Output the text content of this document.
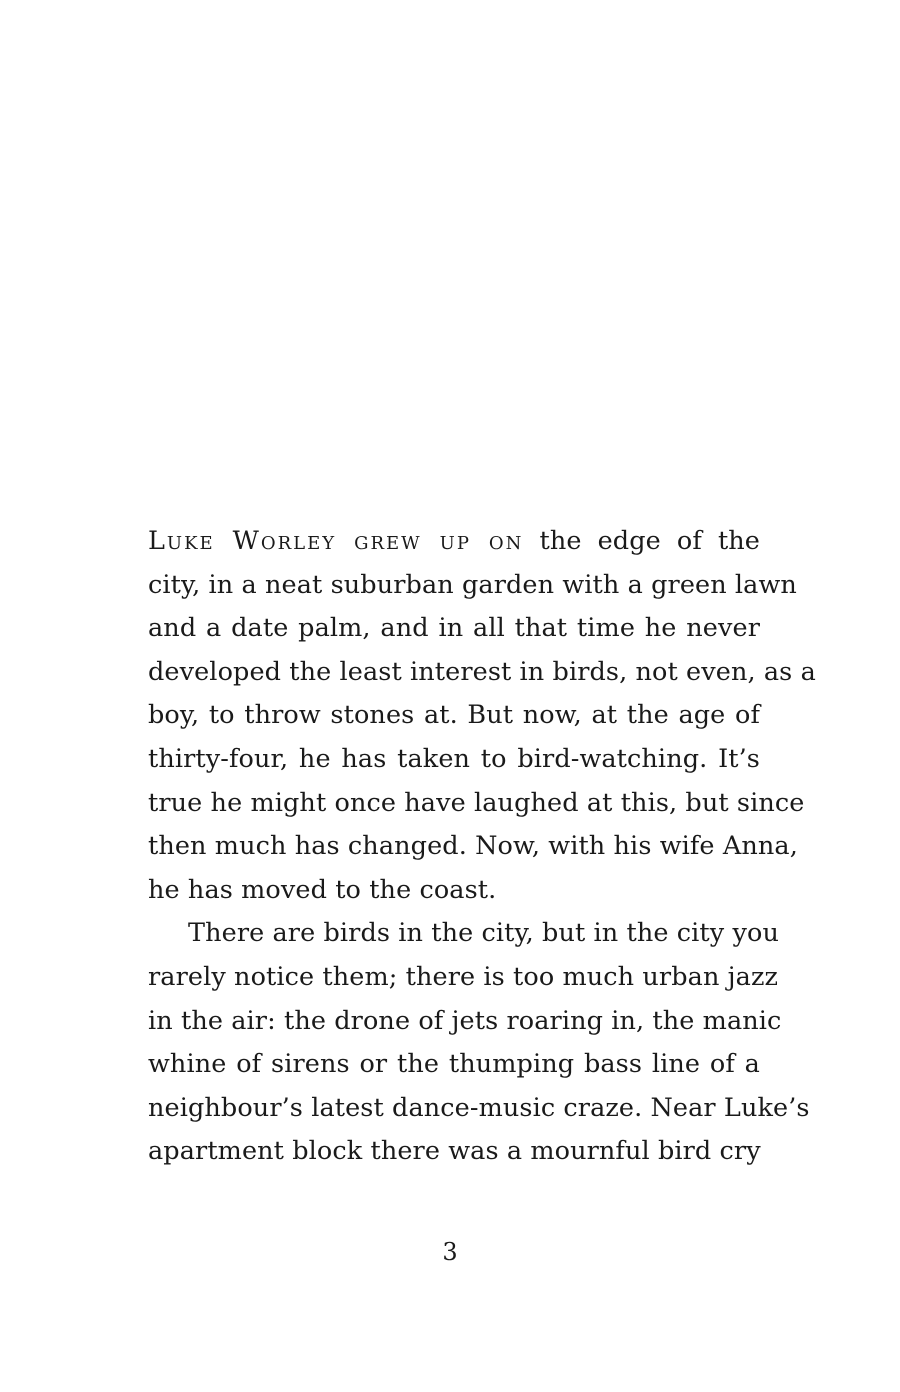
Luke Worley grew up on the edge of the
city, in a neat suburban garden with a green lawn
and a date palm, and in all that time he never
developed the least interest in birds, not even, as a
boy, to throw stones at. But now, at the age of
thirty-four, he has taken to bird-watching. It’s
true he might once have laughed at this, but since
then much has changed. Now, with his wife Anna,
he has moved to the coast.
There are birds in the city, but in the city you
rarely notice them; there is too much urban jazz
in the air: the drone of jets roaring in, the manic
whine of sirens or the thumping bass line of a
neighbour’s latest dance-music craze. Near Luke’s
apartment block there was a mournful bird cry
3
